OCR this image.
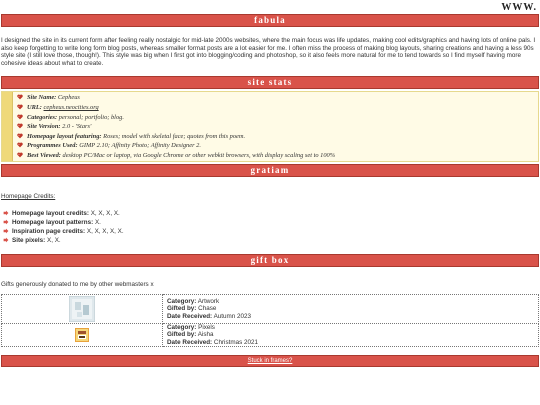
WWW.
fabula
I designed the site in its current form after feeling really nostalgic for mid-late 2000s websites, where the main focus was life updates, making cool edits/graphics and having lots of online pals. I also keep forgetting to write long form blog posts, whereas smaller format posts are a lot easier for me. I often miss the process of making blog layouts, sharing creations and having a less 90s style site (I still love those, though!). This style was big when I first got into blogging/coding and photoshop, so it also feels more natural for me to tend towards so I find myself having more cohesive ideas about what to create.
site stats
Site Name: Cepheus
URL: cepheus.neocities.org
Categories: personal; portfolio; blog.
Site Version: 2.0 - 'Stars'
Homepage layout featuring: Roses; model with skeletal face; quotes from this poem.
Programmes Used: GIMP 2.10; Affinity Photo; Affinity Designer 2.
Best Viewed: desktop PC/Mac or laptop, via Google Chrome or other webkit browsers, with display scaling set to 100%
gratiam
Homepage Credits:
Homepage layout credits: X, X, X, X.
Homepage layout patterns: X.
Inspiration page credits: X, X, X, X, X.
Site pixels: X, X.
gift box
Gifts generously donated to me by other webmasters x

Category: Artwork
Gifted by: Chase
Date Received: Autumn 2023

Category: Pixels
Gifted by: Aisha
Date Received: Christmas 2021
Stuck in frames?
